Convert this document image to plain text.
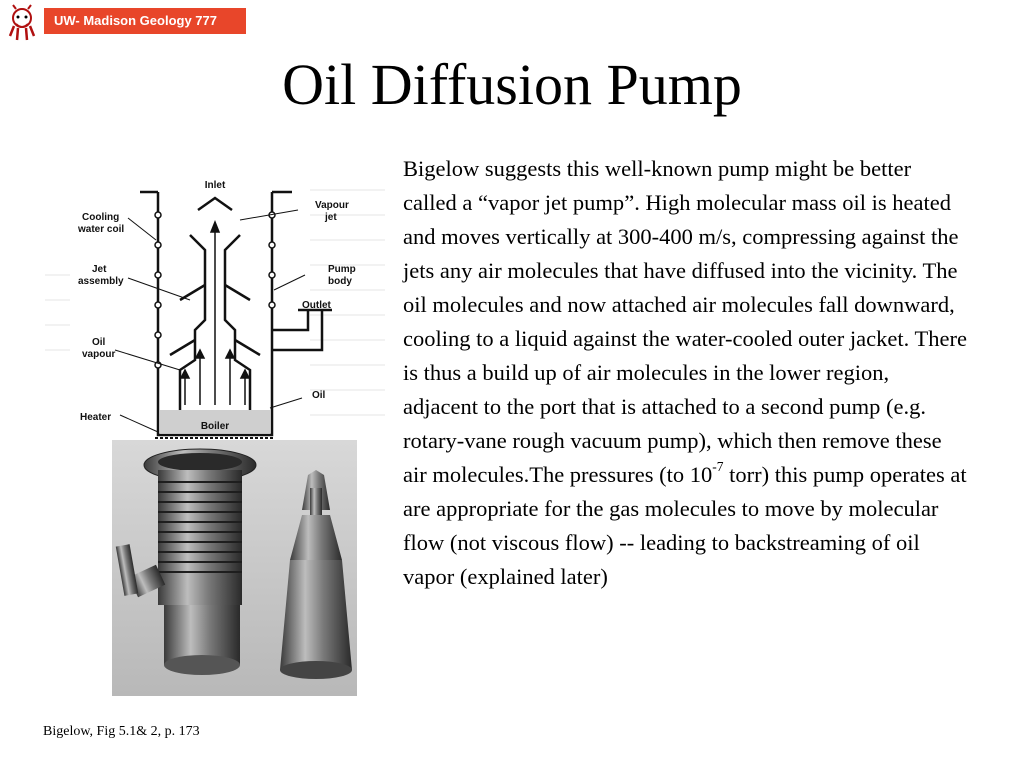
UW- Madison Geology 777
Oil Diffusion Pump
Inlet
Cooling
water coil
Vapour
jet
Jet
assembly
Pump
body
Outlet
Oil
vapour
Oil
Heater
Boiler
Bigelow suggests this well-known pump might be better called a “vapor jet pump”. High molecular mass oil is heated and moves vertically at 300-400 m/s, compressing against the jets any air molecules that have diffused into the vicinity. The oil molecules and now attached air molecules fall downward, cooling to a liquid against the water-cooled outer jacket. There is thus a build up of air molecules in the lower region, adjacent to the port that is attached to a second pump (e.g. rotary-vane rough vacuum pump), which then remove these air molecules.The pressures (to $10^{-7}$ torr) this pump operates at are appropriate for the gas molecules to move by molecular flow (not viscous flow) -- leading to backstreaming of oil vapor (explained later)
Bigelow, Fig 5.1& 2, p. 173
